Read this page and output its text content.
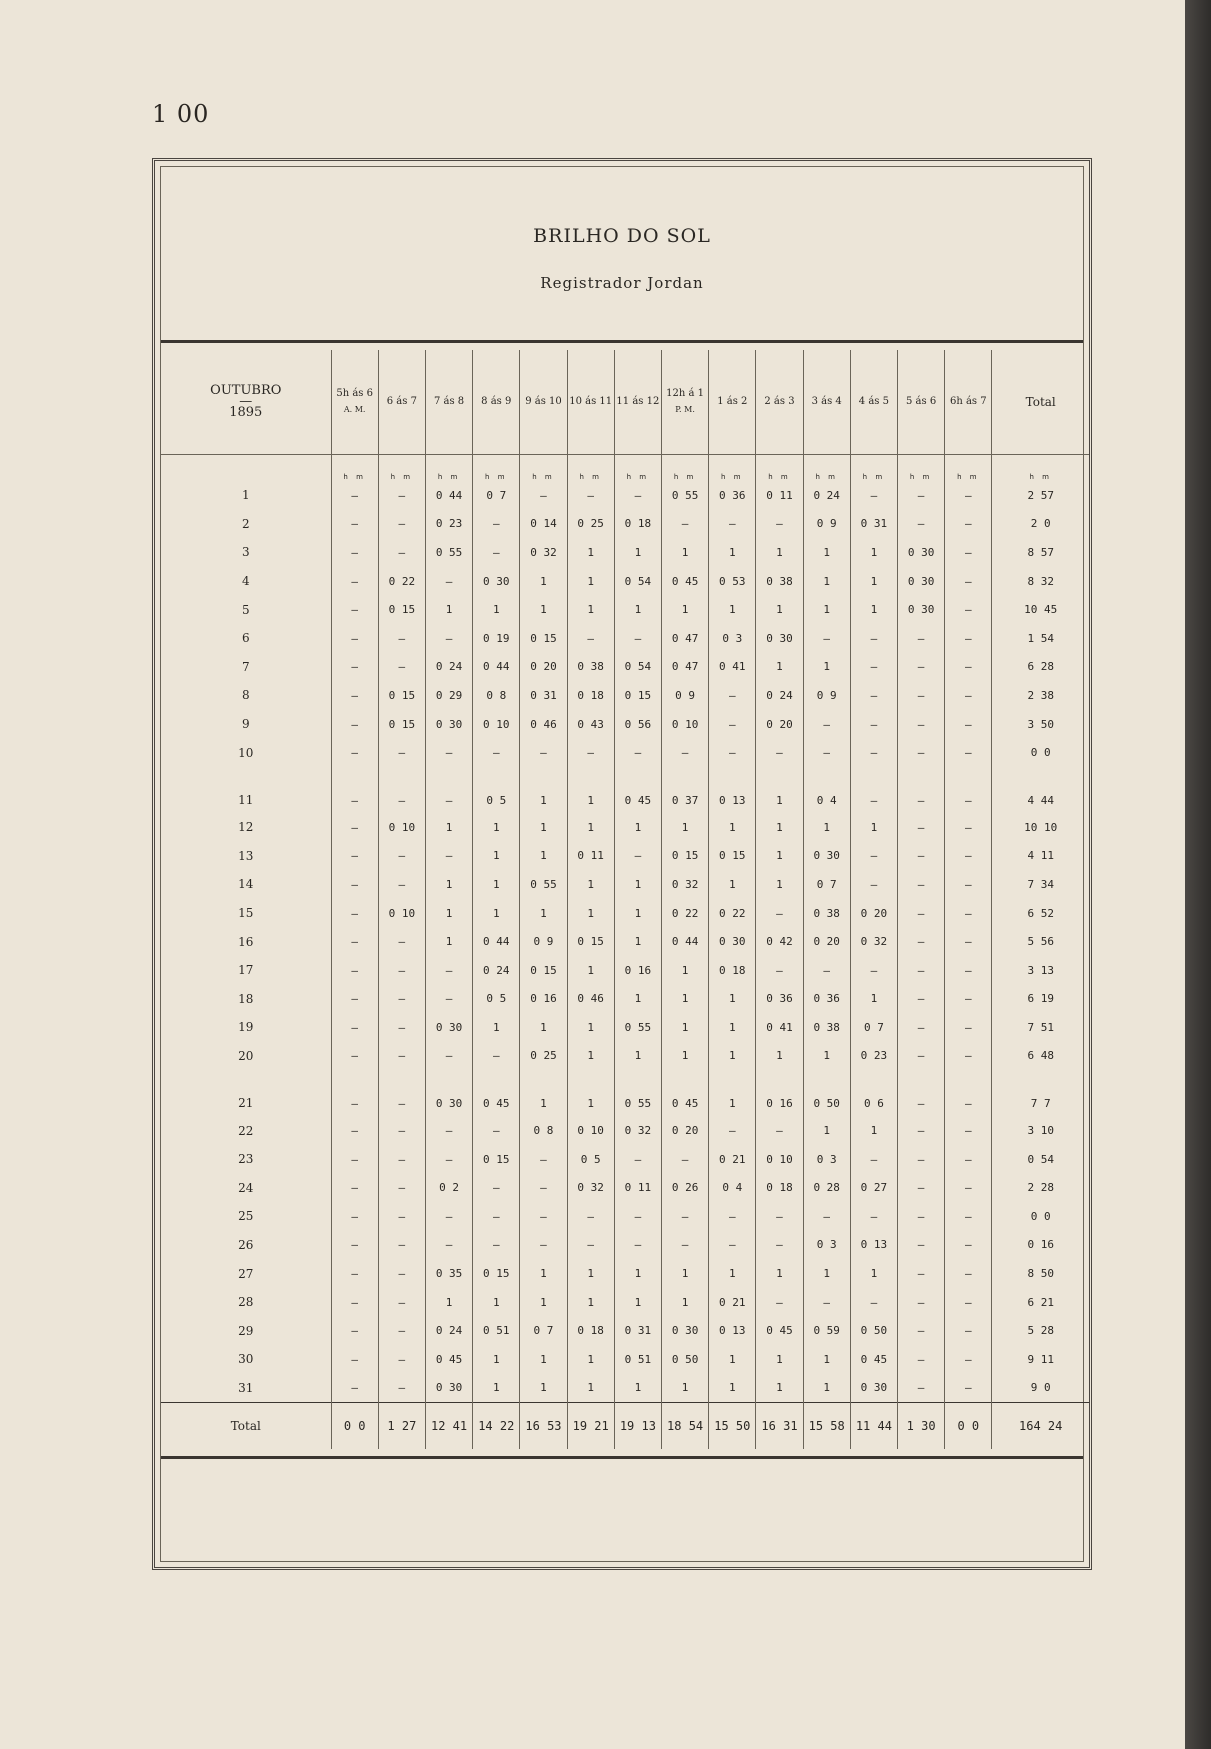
1 00
BRILHO DO SOL
Registrador Jordan
OUTUBRO
—
1895	5h ás 6
A. M.	6 ás 7	7 ás 8	8 ás 9	9 ás 10	10 ás 11	11 ás 12	12h á 1
P. M.	1 ás 2	2 ás 3	3 ás 4	4 ás 5	5 ás 6	6h ás 7	Total
	h m	h m	h m	h m	h m	h m	h m	h m	h m	h m	h m	h m	h m	h m	h m
1	—	—	0 44	0 7	—	—	—	0 55	0 36	0 11	0 24	—	—	—	2 57
2	—	—	0 23	—	0 14	0 25	0 18	—	—	—	0 9	0 31	—	—	2 0
3	—	—	0 55	—	0 32	1	1	1	1	1	1	1	0 30	—	8 57
4	—	0 22	—	0 30	1	1	0 54	0 45	0 53	0 38	1	1	0 30	—	8 32
5	—	0 15	1	1	1	1	1	1	1	1	1	1	0 30	—	10 45
6	—	—	—	0 19	0 15	—	—	0 47	0 3	0 30	—	—	—	—	1 54
7	—	—	0 24	0 44	0 20	0 38	0 54	0 47	0 41	1	1	—	—	—	6 28
8	—	0 15	0 29	0 8	0 31	0 18	0 15	0 9	—	0 24	0 9	—	—	—	2 38
9	—	0 15	0 30	0 10	0 46	0 43	0 56	0 10	—	0 20	—	—	—	—	3 50
10	—	—	—	—	—	—	—	—	—	—	—	—	—	—	0 0
11	—	—	—	0 5	1	1	0 45	0 37	0 13	1	0 4	—	—	—	4 44
12	—	0 10	1	1	1	1	1	1	1	1	1	1	—	—	10 10
13	—	—	—	1	1	0 11	—	0 15	0 15	1	0 30	—	—	—	4 11
14	—	—	1	1	0 55	1	1	0 32	1	1	0 7	—	—	—	7 34
15	—	0 10	1	1	1	1	1	0 22	0 22	—	0 38	0 20	—	—	6 52
16	—	—	1	0 44	0 9	0 15	1	0 44	0 30	0 42	0 20	0 32	—	—	5 56
17	—	—	—	0 24	0 15	1	0 16	1	0 18	—	—	—	—	—	3 13
18	—	—	—	0 5	0 16	0 46	1	1	1	0 36	0 36	1	—	—	6 19
19	—	—	0 30	1	1	1	0 55	1	1	0 41	0 38	0 7	—	—	7 51
20	—	—	—	—	0 25	1	1	1	1	1	1	0 23	—	—	6 48
21	—	—	0 30	0 45	1	1	0 55	0 45	1	0 16	0 50	0 6	—	—	7 7
22	—	—	—	—	0 8	0 10	0 32	0 20	—	—	1	1	—	—	3 10
23	—	—	—	0 15	—	0 5	—	—	0 21	0 10	0 3	—	—	—	0 54
24	—	—	0 2	—	—	0 32	0 11	0 26	0 4	0 18	0 28	0 27	—	—	2 28
25	—	—	—	—	—	—	—	—	—	—	—	—	—	—	0 0
26	—	—	—	—	—	—	—	—	—	—	0 3	0 13	—	—	0 16
27	—	—	0 35	0 15	1	1	1	1	1	1	1	1	—	—	8 50
28	—	—	1	1	1	1	1	1	0 21	—	—	—	—	—	6 21
29	—	—	0 24	0 51	0 7	0 18	0 31	0 30	0 13	0 45	0 59	0 50	—	—	5 28
30	—	—	0 45	1	1	1	0 51	0 50	1	1	1	0 45	—	—	9 11
31	—	—	0 30	1	1	1	1	1	1	1	1	0 30	—	—	9 0
Total	0 0	1 27	12 41	14 22	16 53	19 21	19 13	18 54	15 50	16 31	15 58	11 44	1 30	0 0	164 24
